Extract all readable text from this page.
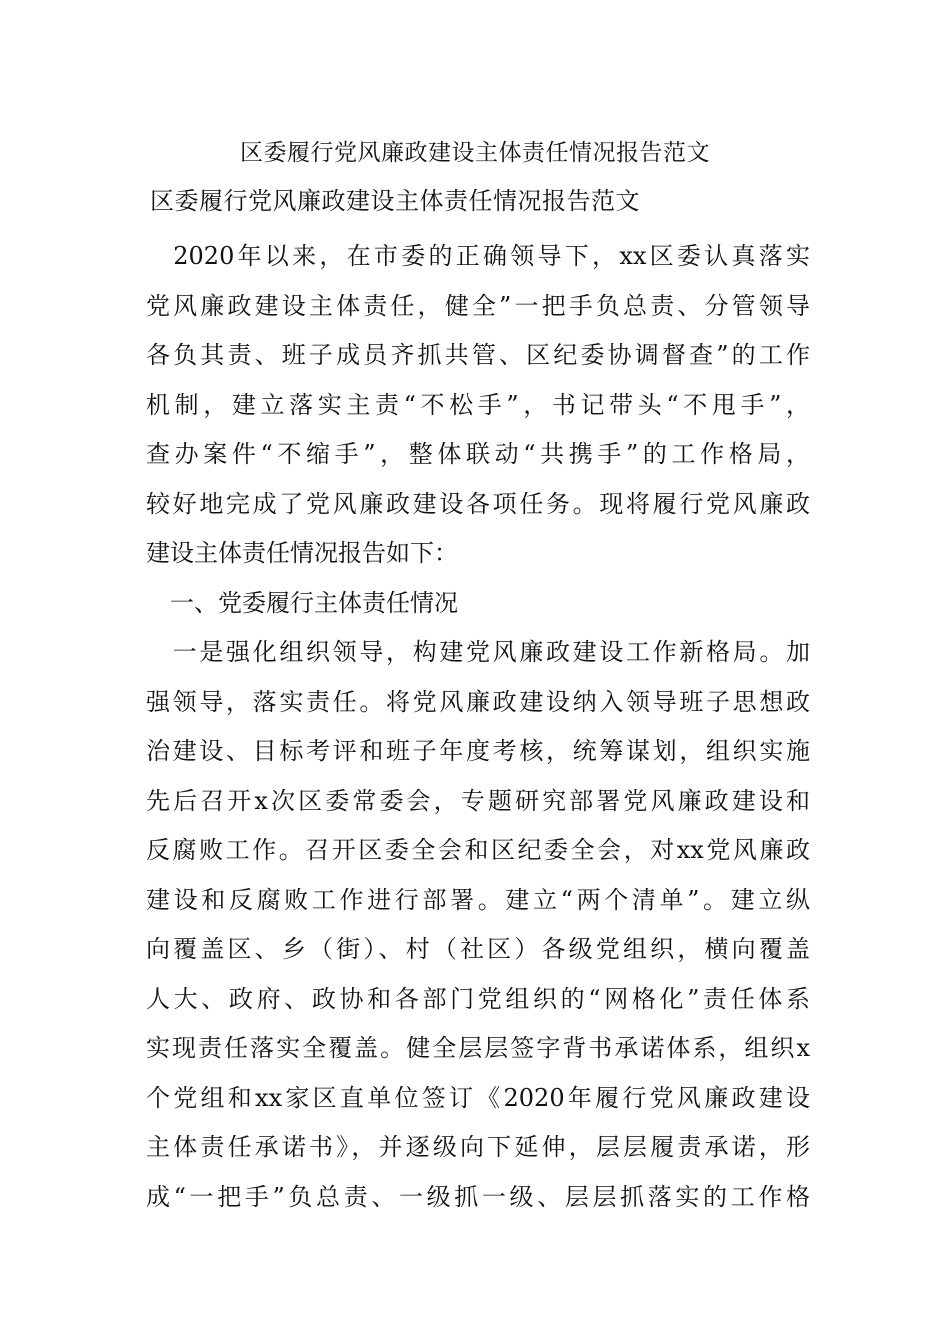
区委履行党风廉政建设主体责任情况报告范文
区委履行党风廉政建设主体责任情况报告范文
　2020年以来，在市委的正确领导下，xx区委认真落实
党风廉政建设主体责任，健全”一把手负总责、分管领导
各负其责、班子成员齐抓共管、区纪委协调督查”的工作
机制，建立落实主责“不松手”，书记带头“不甩手”，
查办案件“不缩手”，整体联动“共携手”的工作格局，
较好地完成了党风廉政建设各项任务。现将履行党风廉政
建设主体责任情况报告如下：
　一、党委履行主体责任情况
　一是强化组织领导，构建党风廉政建设工作新格局。加
强领导，落实责任。将党风廉政建设纳入领导班子思想政
治建设、目标考评和班子年度考核，统筹谋划，组织实施
先后召开x次区委常委会，专题研究部署党风廉政建设和
反腐败工作。召开区委全会和区纪委全会，对xx党风廉政
建设和反腐败工作进行部署。建立“两个清单”。建立纵
向覆盖区、乡（街）、村（社区）各级党组织，横向覆盖
人大、政府、政协和各部门党组织的“网格化”责任体系
实现责任落实全覆盖。健全层层签字背书承诺体系，组织x
个党组和xx家区直单位签订《2020年履行党风廉政建设
主体责任承诺书》，并逐级向下延伸，层层履责承诺，形
成“一把手”负总责、一级抓一级、层层抓落实的工作格
